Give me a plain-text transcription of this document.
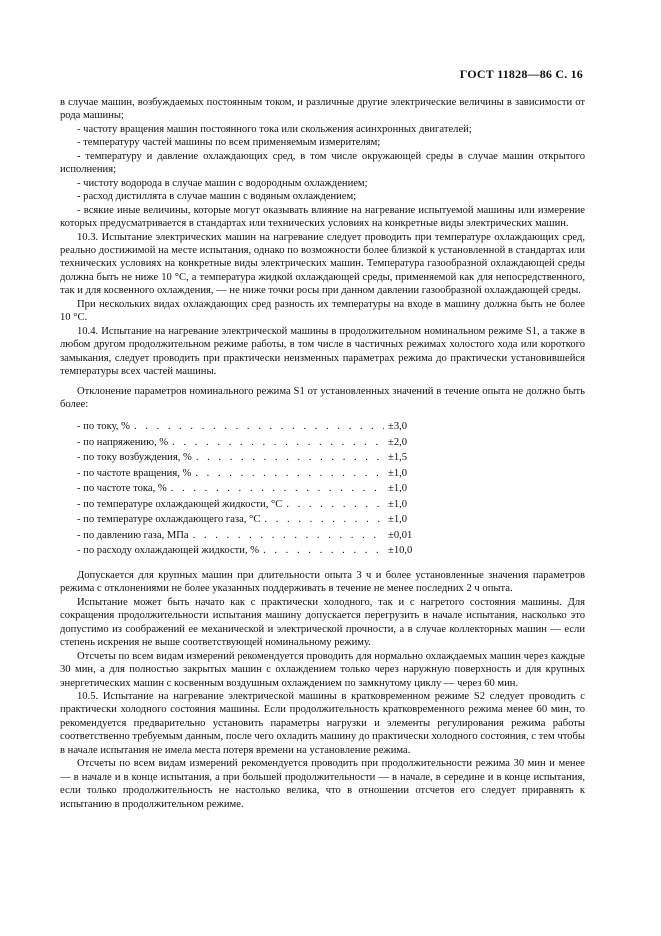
ГОСТ 11828—86 С. 16

в случае машин, возбуждаемых постоянным током, и различные другие электрические величины в зависимости от рода машины;

- частоту вращения машин постоянного тока или скольжения асинхронных двигателей;

- температуру частей машины по всем применяемым измерителям;

- температуру и давление охлаждающих сред, в том числе окружающей среды в случае машин открытого исполнения;

- чистоту водорода в случае машин с водородным охлаждением;

- расход дистиллята в случае машин с водяным охлаждением;

- всякие иные величины, которые могут оказывать влияние на нагревание испытуемой машины или измерение которых предусматривается в стандартах или технических условиях на конкретные виды электрических машин.

10.3. Испытание электрических машин на нагревание следует проводить при температуре охлаждающих сред, реально достижимой на месте испытания, однако по возможности более близкой к установленной в стандартах или технических условиях на конкретные виды электрических машин. Температура газообразной охлаждающей среды должна быть не ниже 10 °С, а температура жидкой охлаждающей среды, применяемой как для непосредственного, так и для косвенного охлаждения, — не ниже точки росы при данном давлении газообразной охлаждающей среды.

При нескольких видах охлаждающих сред разность их температуры на входе в машину должна быть не более 10 °С.

10.4. Испытание на нагревание электрической машины в продолжительном номинальном режиме S1, а также в любом другом продолжительном режиме работы, в том числе в частичных режимах холостого хода или короткого замыкания, следует проводить при практически неизменных параметрах режима до практически установившейся температуры всех частей машины.

Отклонение параметров номинального режима S1 от установленных значений в течение опыта не должно быть более:

- по току, % . . .	±3,0
- по напряжению, % . . .	±2,0
- по току возбуждения, % . . .	±1,5
- по частоте вращения, % . . .	±1,0
- по частоте тока, % . . .	±1,0
- по температуре охлаждающей жидкости, °С . . .	±1,0
- по температуре охлаждающего газа, °С . . .	±1,0
- по давлению газа, МПа . . .	±0,01
- по расходу охлаждающей жидкости, % . . .	±10,0

Допускается для крупных машин при длительности опыта 3 ч и более установленные значения параметров режима с отклонениями не более указанных поддерживать в течение не менее последних 2 ч опыта.

Испытание может быть начато как с практически холодного, так и с нагретого состояния машины. Для сокращения продолжительности испытания машину допускается перегрузить в начале испытания, насколько это допустимо из соображений ее механической и электрической прочности, а в случае коллекторных машин — если степень искрения не выше соответствующей номинальному режиму.

Отсчеты по всем видам измерений рекомендуется проводить для нормально охлаждаемых машин через каждые 30 мин, а для полностью закрытых машин с охлаждением только через наружную поверхность и для крупных энергетических машин с косвенным воздушным охлаждением по замкнутому циклу — через 60 мин.

10.5. Испытание на нагревание электрической машины в кратковременном режиме S2 следует проводить с практически холодного состояния машины. Если продолжительность кратковременного режима менее 60 мин, то рекомендуется предварительно установить параметры нагрузки и элементы регулирования режима работы соответственно требуемым данным, после чего охладить машину до практически холодного состояния, с тем чтобы в начале испытания не имела места потеря времени на установление режима.

Отсчеты по всем видам измерений рекомендуется проводить при продолжительности режима 30 мин и менее — в начале и в конце испытания, а при большей продолжительности — в начале, в середине и в конце испытания, если только продолжительность не настолько велика, что в отношении отсчетов его следует приравнять к испытанию в продолжительном режиме.
